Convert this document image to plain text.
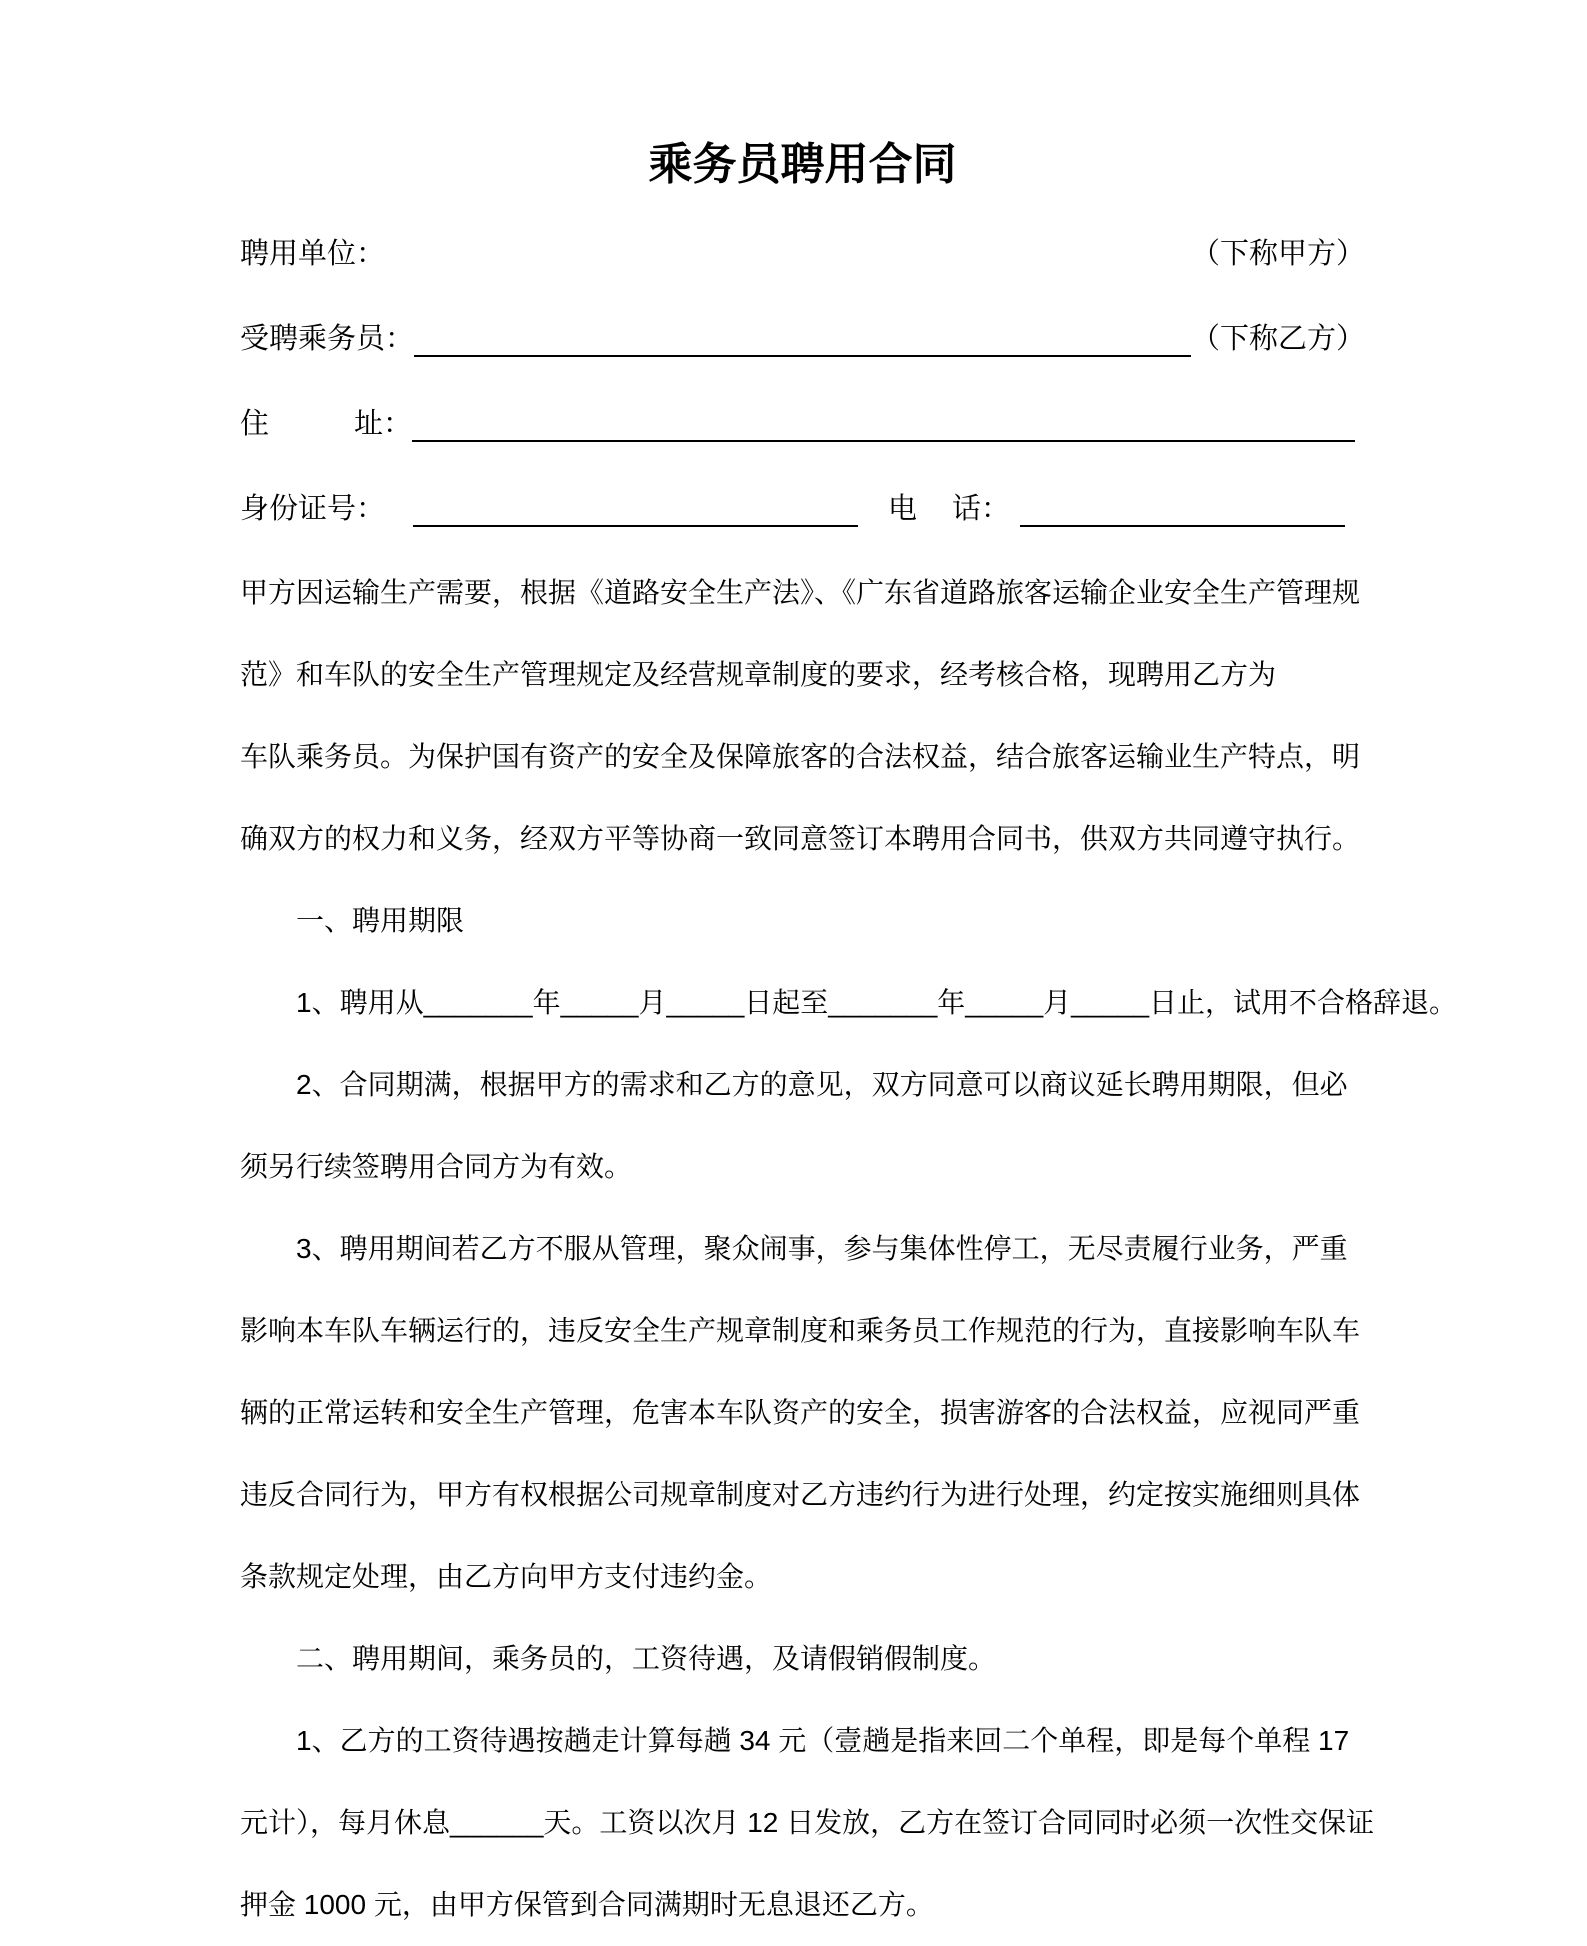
乘务员聘用合同
聘用单位：	（下称甲方）
受聘乘务员：	（下称乙方）
住	址：
身份证号：	电 话：
甲方因运输生产需要，根据《道路安全生产法》、《广东省道路旅客运输企业安全生产管理规
范》和车队的安全生产管理规定及经营规章制度的要求，经考核合格，现聘用乙方为
车队乘务员。为保护国有资产的安全及保障旅客的合法权益，结合旅客运输业生产特点，明
确双方的权力和义务，经双方平等协商一致同意签订本聘用合同书，供双方共同遵守执行。
一、聘用期限
1、聘用从_______年_____月_____日起至_______年_____月_____日止，试用不合格辞退。
2、合同期满，根据甲方的需求和乙方的意见，双方同意可以商议延长聘用期限，但必
须另行续签聘用合同方为有效。
3、聘用期间若乙方不服从管理，聚众闹事，参与集体性停工，无尽责履行业务，严重
影响本车队车辆运行的，违反安全生产规章制度和乘务员工作规范的行为，直接影响车队车
辆的正常运转和安全生产管理，危害本车队资产的安全，损害游客的合法权益，应视同严重
违反合同行为，甲方有权根据公司规章制度对乙方违约行为进行处理，约定按实施细则具体
条款规定处理，由乙方向甲方支付违约金。
二、聘用期间，乘务员的，工资待遇，及请假销假制度。
1、乙方的工资待遇按趟走计算每趟 34 元（壹趟是指来回二个单程，即是每个单程 17
元计），每月休息______天。工资以次月 12 日发放，乙方在签订合同同时必须一次性交保证
押金 1000 元，由甲方保管到合同满期时无息退还乙方。
